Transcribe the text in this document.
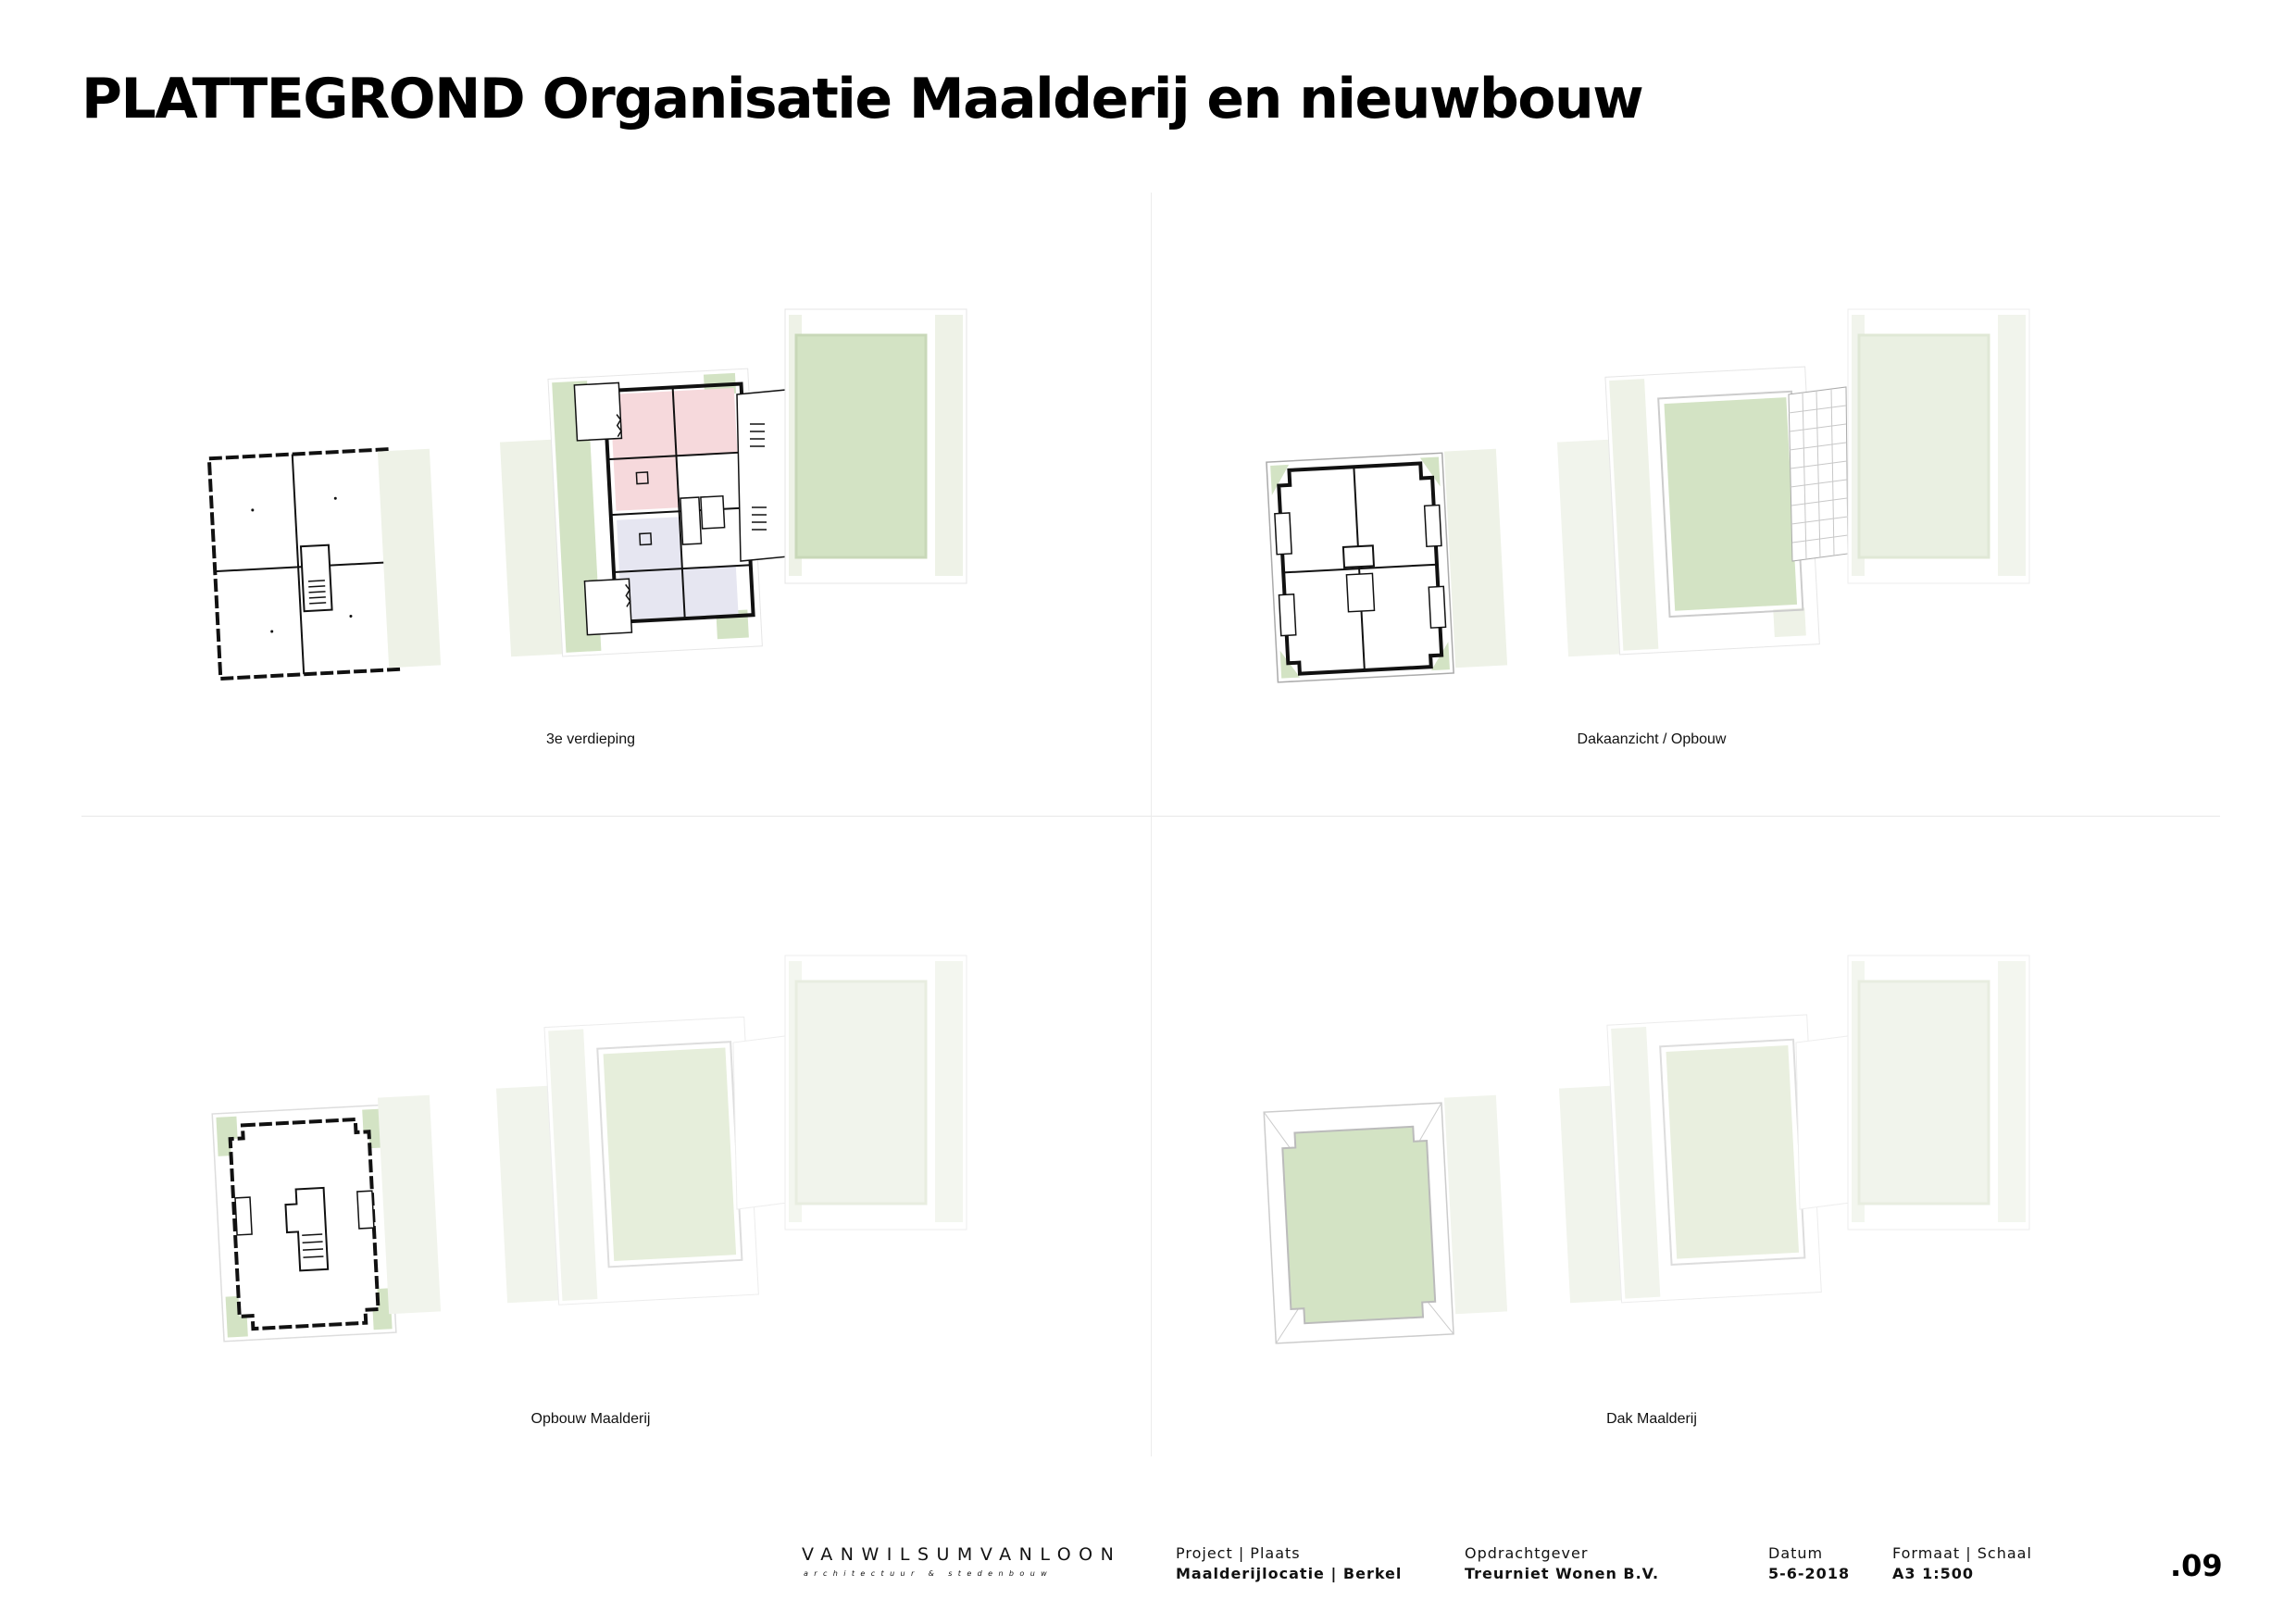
PLATTEGROND Organisatie Maalderij en nieuwbouw
3e verdieping	Dakaanzicht / Opbouw
Opbouw Maalderij	Dak Maalderij
VANWILSUMVANLOON
architectuur & stedenbouw
Project | Plaats
Maalderijlocatie | Berkel
Opdrachtgever
Treurniet Wonen B.V.
Datum
5-6-2018
Formaat | Schaal
A3 1:500	.09
